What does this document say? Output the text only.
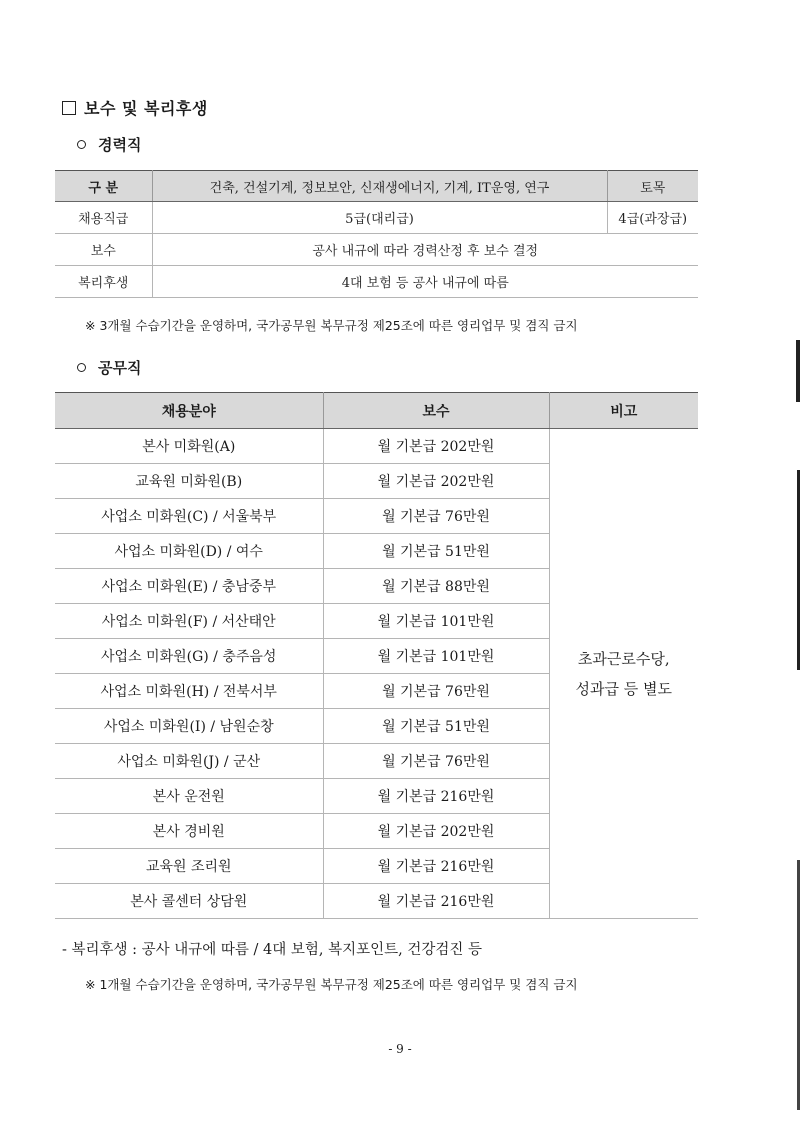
보수 및 복리후생
경력직
구 분	건축, 건설기계, 정보보안, 신재생에너지, 기계, IT운영, 연구	토목
채용직급	5급(대리급)	4급(과장급)
보수	공사 내규에 따라 경력산정 후 보수 결정	
복리후생	4대 보험 등 공사 내규에 따름	
※ 3개월 수습기간을 운영하며, 국가공무원 복무규정 제25조에 따른 영리업무 및 겸직 금지
공무직
채용분야	보수	비고
본사 미화원(A)	월 기본급 202만원	초과근로수당,
성과급 등 별도
교육원 미화원(B)	월 기본급 202만원	
사업소 미화원(C) / 서울북부	월 기본급 76만원	
사업소 미화원(D) / 여수	월 기본급 51만원	
사업소 미화원(E) / 충남중부	월 기본급 88만원	
사업소 미화원(F) / 서산태안	월 기본급 101만원	
사업소 미화원(G) / 충주음성	월 기본급 101만원	
사업소 미화원(H) / 전북서부	월 기본급 76만원	
사업소 미화원(I) / 남원순창	월 기본급 51만원	
사업소 미화원(J) / 군산	월 기본급 76만원	
본사 운전원	월 기본급 216만원	
본사 경비원	월 기본급 202만원	
교육원 조리원	월 기본급 216만원	
본사 콜센터 상담원	월 기본급 216만원	
- 복리후생 : 공사 내규에 따름 / 4대 보험, 복지포인트, 건강검진 등
※ 1개월 수습기간을 운영하며, 국가공무원 복무규정 제25조에 따른 영리업무 및 겸직 금지
- 9 -
